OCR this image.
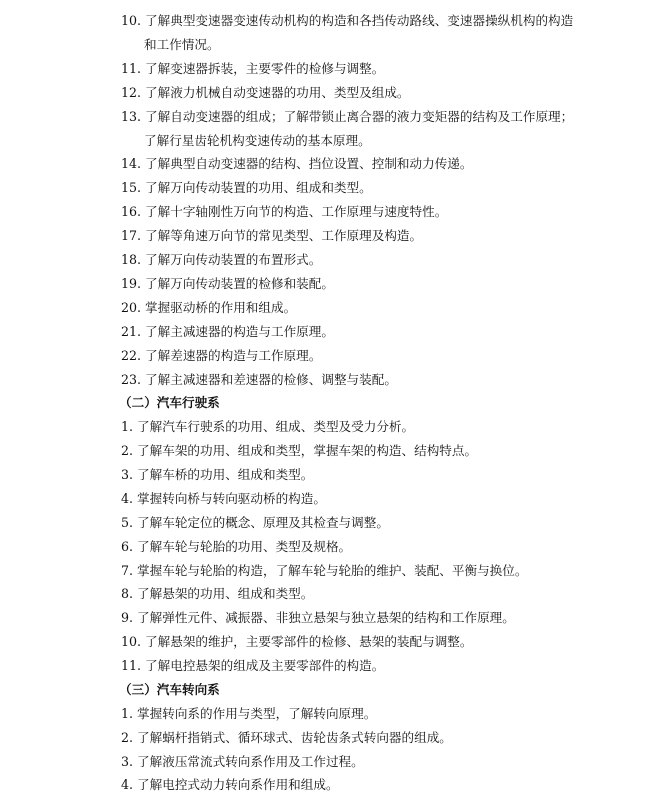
10. 了解典型变速器变速传动机构的构造和各挡传动路线、变速器操纵机构的构造
和工作情况。
11. 了解变速器拆装，主要零件的检修与调整。
12. 了解液力机械自动变速器的功用、类型及组成。
13. 了解自动变速器的组成；了解带锁止离合器的液力变矩器的结构及工作原理；
了解行星齿轮机构变速传动的基本原理。
14. 了解典型自动变速器的结构、挡位设置、控制和动力传递。
15. 了解万向传动装置的功用、组成和类型。
16. 了解十字轴刚性万向节的构造、工作原理与速度特性。
17. 了解等角速万向节的常见类型、工作原理及构造。
18. 了解万向传动装置的布置形式。
19. 了解万向传动装置的检修和装配。
20. 掌握驱动桥的作用和组成。
21. 了解主减速器的构造与工作原理。
22. 了解差速器的构造与工作原理。
23. 了解主减速器和差速器的检修、调整与装配。
（二）汽车行驶系
1. 了解汽车行驶系的功用、组成、类型及受力分析。
2. 了解车架的功用、组成和类型，掌握车架的构造、结构特点。
3. 了解车桥的功用、组成和类型。
4. 掌握转向桥与转向驱动桥的构造。
5. 了解车轮定位的概念、原理及其检查与调整。
6. 了解车轮与轮胎的功用、类型及规格。
7. 掌握车轮与轮胎的构造，了解车轮与轮胎的维护、装配、平衡与换位。
8. 了解悬架的功用、组成和类型。
9. 了解弹性元件、减振器、非独立悬架与独立悬架的结构和工作原理。
10. 了解悬架的维护，主要零部件的检修、悬架的装配与调整。
11. 了解电控悬架的组成及主要零部件的构造。
（三）汽车转向系
1. 掌握转向系的作用与类型，了解转向原理。
2. 了解蜗杆指销式、循环球式、齿轮齿条式转向器的组成。
3. 了解液压常流式转向系作用及工作过程。
4. 了解电控式动力转向系作用和组成。
